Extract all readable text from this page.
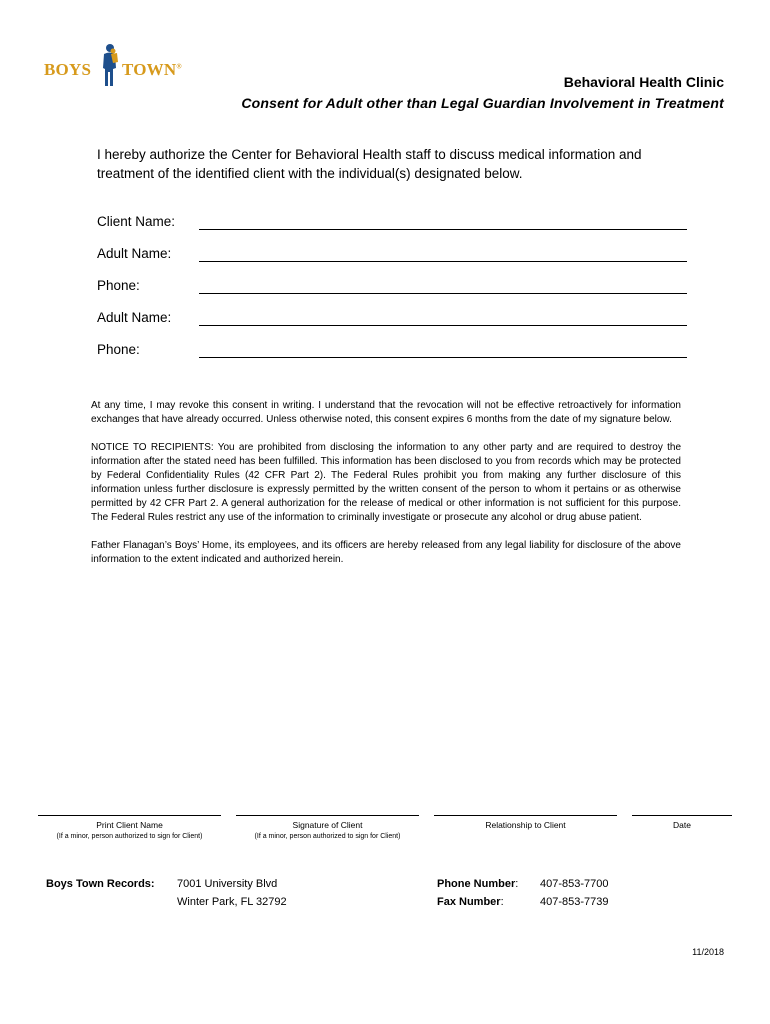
BOYS TOWN®
Behavioral Health Clinic
Consent for Adult other than Legal Guardian Involvement in Treatment
I hereby authorize the Center for Behavioral Health staff to discuss medical information and treatment of the identified client with the individual(s) designated below.
Client Name:
Adult Name:
Phone:
Adult Name:
Phone:

At any time, I may revoke this consent in writing. I understand that the revocation will not be effective retroactively for information exchanges that have already occurred. Unless otherwise noted, this consent expires 6 months from the date of my signature below.

NOTICE TO RECIPIENTS: You are prohibited from disclosing the information to any other party and are required to destroy the information after the stated need has been fulfilled. This information has been disclosed to you from records which may be protected by Federal Confidentiality Rules (42 CFR Part 2). The Federal Rules prohibit you from making any further disclosure of this information unless further disclosure is expressly permitted by the written consent of the person to whom it pertains or as otherwise permitted by 42 CFR Part 2. A general authorization for the release of medical or other information is not sufficient for this purpose. The Federal Rules restrict any use of the information to criminally investigate or prosecute any alcohol or drug abuse patient.

Father Flanagan’s Boys’ Home, its employees, and its officers are hereby released from any legal liability for disclosure of the above information to the extent indicated and authorized herein.

Print Client Name
(If a minor, person authorized to sign for Client)
Signature of Client
(If a minor, person authorized to sign for Client)
Relationship to Client	Date
Boys Town Records: 7001 University Blvd
Winter Park, FL 32792
Phone Number:
Fax Number:
407-853-7700
407-853-7739
11/2018
